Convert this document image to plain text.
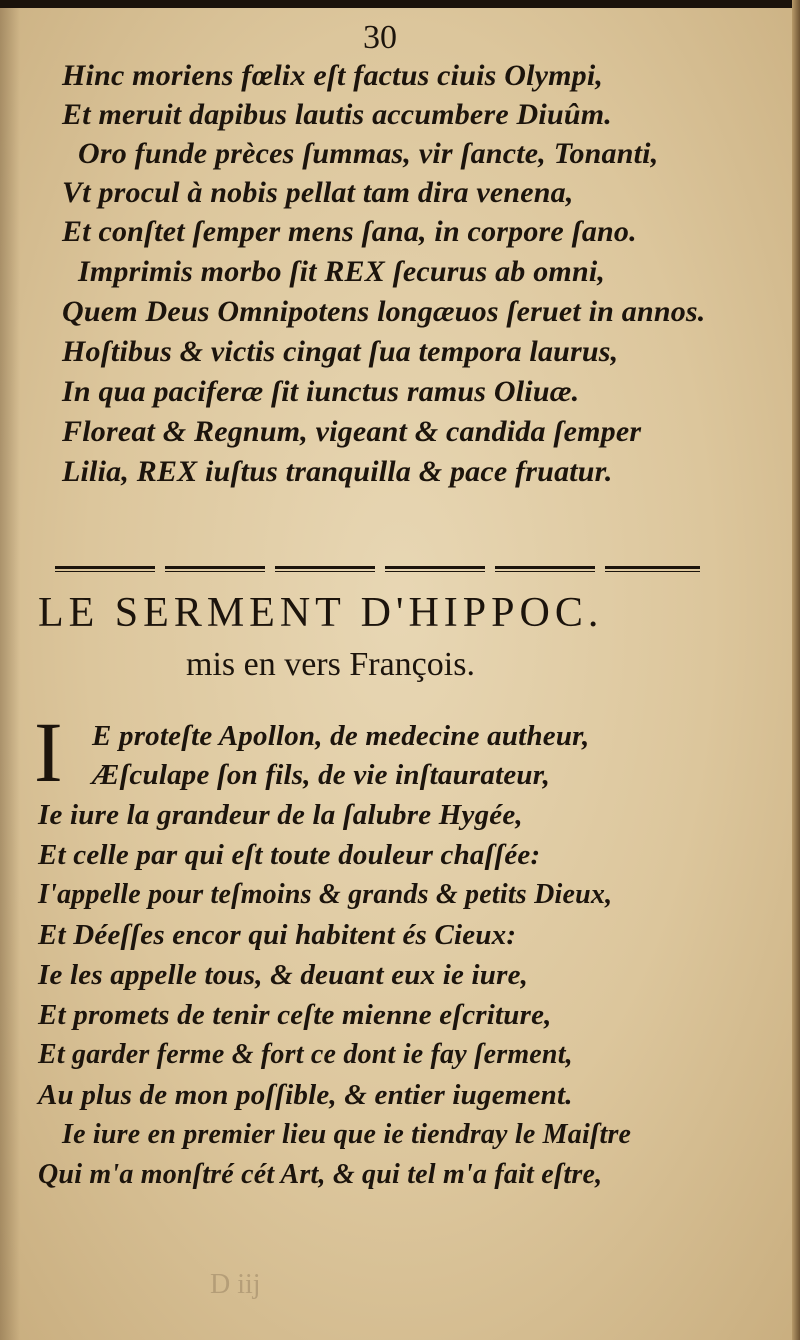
30
Hinc moriens fœlix eſt factus ciuis Olympi,
Et meruit dapibus lautis accumbere Diuûm.
Oro funde prèces ſummas, vir ſancte, Tonanti,
Vt procul à nobis pellat tam dira venena,
Et conſtet ſemper mens ſana, in corpore ſano.
Imprimis morbo ſit REX ſecurus ab omni,
Quem Deus Omnipotens longæuos ſeruet in annos.
Hoſtibus & victis cingat ſua tempora laurus,
In qua paciferæ ſit iunctus ramus Oliuæ.
Floreat & Regnum, vigeant & candida ſemper
Lilia, REX iuſtus tranquilla & pace fruatur.
LE SERMENT D'HIPPOC.
mis en vers François.
I E proteſte Apollon, de medecine autheur,
Æſculape ſon fils, de vie inſtaurateur,
Ie iure la grandeur de la ſalubre Hygée,
Et celle par qui eſt toute douleur chaſſée:
I'appelle pour teſmoins & grands & petits Dieux,
Et Déeſſes encor qui habitent és Cieux:
Ie les appelle tous, & deuant eux ie iure,
Et promets de tenir ceſte mienne eſcriture,
Et garder ferme & fort ce dont ie fay ſerment,
Au plus de mon poſſible, & entier iugement.
Ie iure en premier lieu que ie tiendray le Maiſtre
Qui m'a monſtré cét Art, & qui tel m'a fait eſtre,
D iij
